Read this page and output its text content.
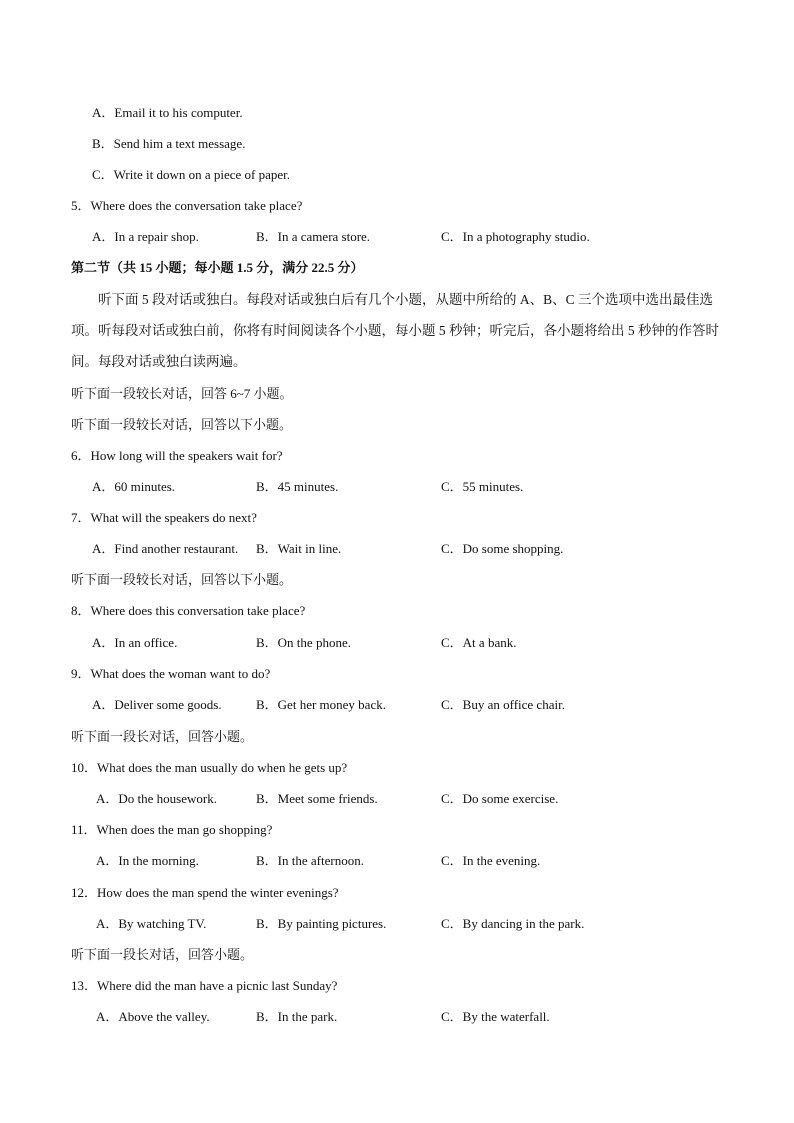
A．Email it to his computer.
B．Send him a text message.
C．Write it down on a piece of paper.
5．Where does the conversation take place?
A．In a repair shop.	B．In a camera store.	C．In a photography studio.
第二节（共 15 小题；每小题 1.5 分，满分 22.5 分）
听下面 5 段对话或独白。每段对话或独白后有几个小题，从题中所给的 A、B、C 三个选项中选出最佳选项。听每段对话或独白前，你将有时间阅读各个小题，每小题 5 秒钟；听完后，各小题将给出 5 秒钟的作答时间。每段对话或独白读两遍。
听下面一段较长对话，回答 6~7 小题。
听下面一段较长对话，回答以下小题。
6．How long will the speakers wait for?
A．60 minutes.	B．45 minutes.	C．55 minutes.
7．What will the speakers do next?
A．Find another restaurant. B．Wait in line.	C．Do some shopping.
听下面一段较长对话，回答以下小题。
8．Where does this conversation take place?
A．In an office.	B．On the phone.	C．At a bank.
9．What does the woman want to do?
A．Deliver some goods.	B．Get her money back.	C．Buy an office chair.
听下面一段长对话，回答小题。
10．What does the man usually do when he gets up?
A．Do the housework.	B．Meet some friends.	C．Do some exercise.
11．When does the man go shopping?
A．In the morning.	B．In the afternoon.	C．In the evening.
12．How does the man spend the winter evenings?
A．By watching TV.	B．By painting pictures.	C．By dancing in the park.
听下面一段长对话，回答小题。
13．Where did the man have a picnic last Sunday?
A．Above the valley.	B．In the park.	C．By the waterfall.
